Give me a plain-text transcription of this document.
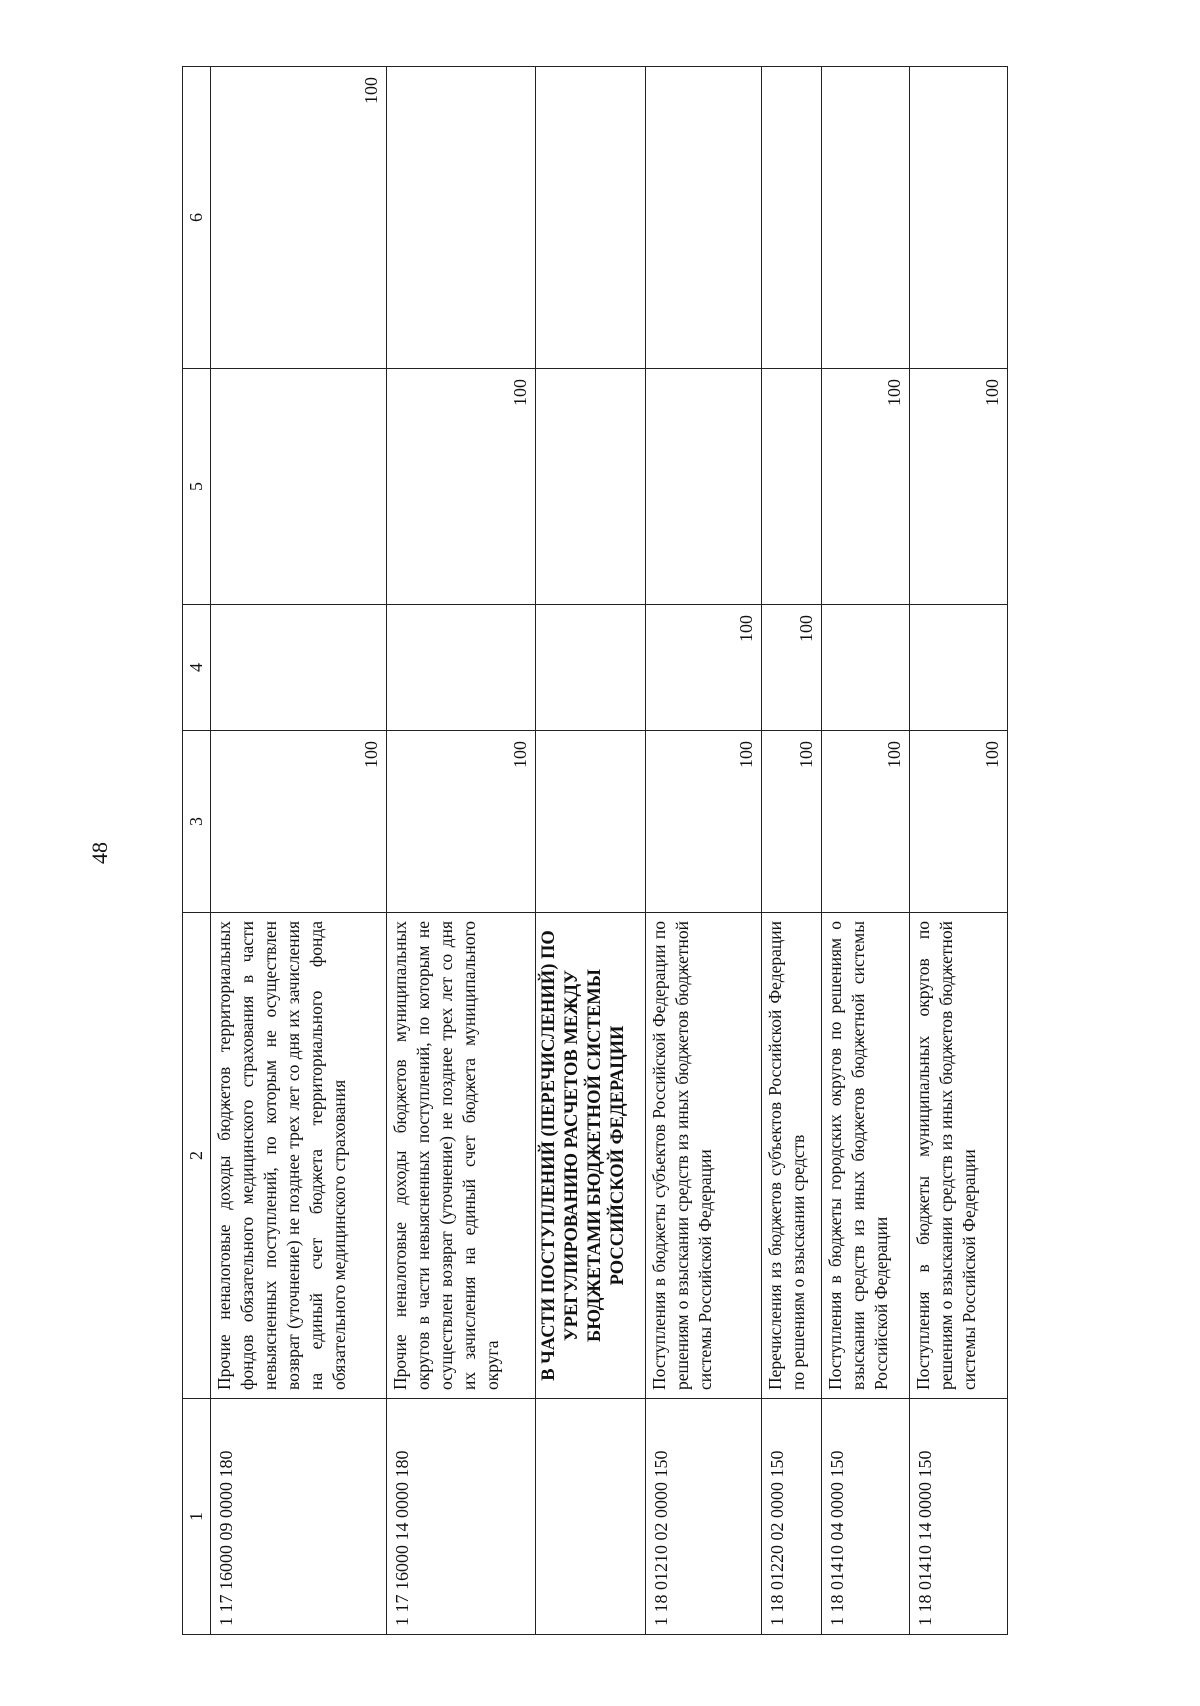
48
1	2	3	4	5	6
1 17 16000 09 0000 180	Прочие неналоговые доходы бюджетов территориальных фондов обязательного медицинского страхования в части невыясненных поступлений, по которым не осуществлен возврат (уточнение) не позднее трех лет со дня их зачисления на единый счет бюджета территориального фонда обязательного медицинского страхования	100			100
1 17 16000 14 0000 180	Прочие неналоговые доходы бюджетов муниципальных округов в части невыясненных поступлений, по которым не осуществлен возврат (уточнение) не позднее трех лет со дня их зачисления на единый счет бюджета муниципального округа	100		100	
	В ЧАСТИ ПОСТУПЛЕНИЙ (ПЕРЕЧИСЛЕНИЙ) ПО УРЕГУЛИРОВАНИЮ РАСЧЕТОВ МЕЖДУ БЮДЖЕТАМИ БЮДЖЕТНОЙ СИСТЕМЫ РОССИЙСКОЙ ФЕДЕРАЦИИ				
1 18 01210 02 0000 150	Поступления в бюджеты субъектов Российской Федерации по решениям о взыскании средств из иных бюджетов бюджетной системы Российской Федерации	100	100		
1 18 01220 02 0000 150	Перечисления из бюджетов субъектов Российской Федерации по решениям о взыскании средств	100	100		
1 18 01410 04 0000 150	Поступления в бюджеты городских округов по решениям о взыскании средств из иных бюджетов бюджетной системы Российской Федерации	100		100	
1 18 01410 14 0000 150	Поступления в бюджеты муниципальных округов по решениям о взыскании средств из иных бюджетов бюджетной системы Российской Федерации	100		100	
